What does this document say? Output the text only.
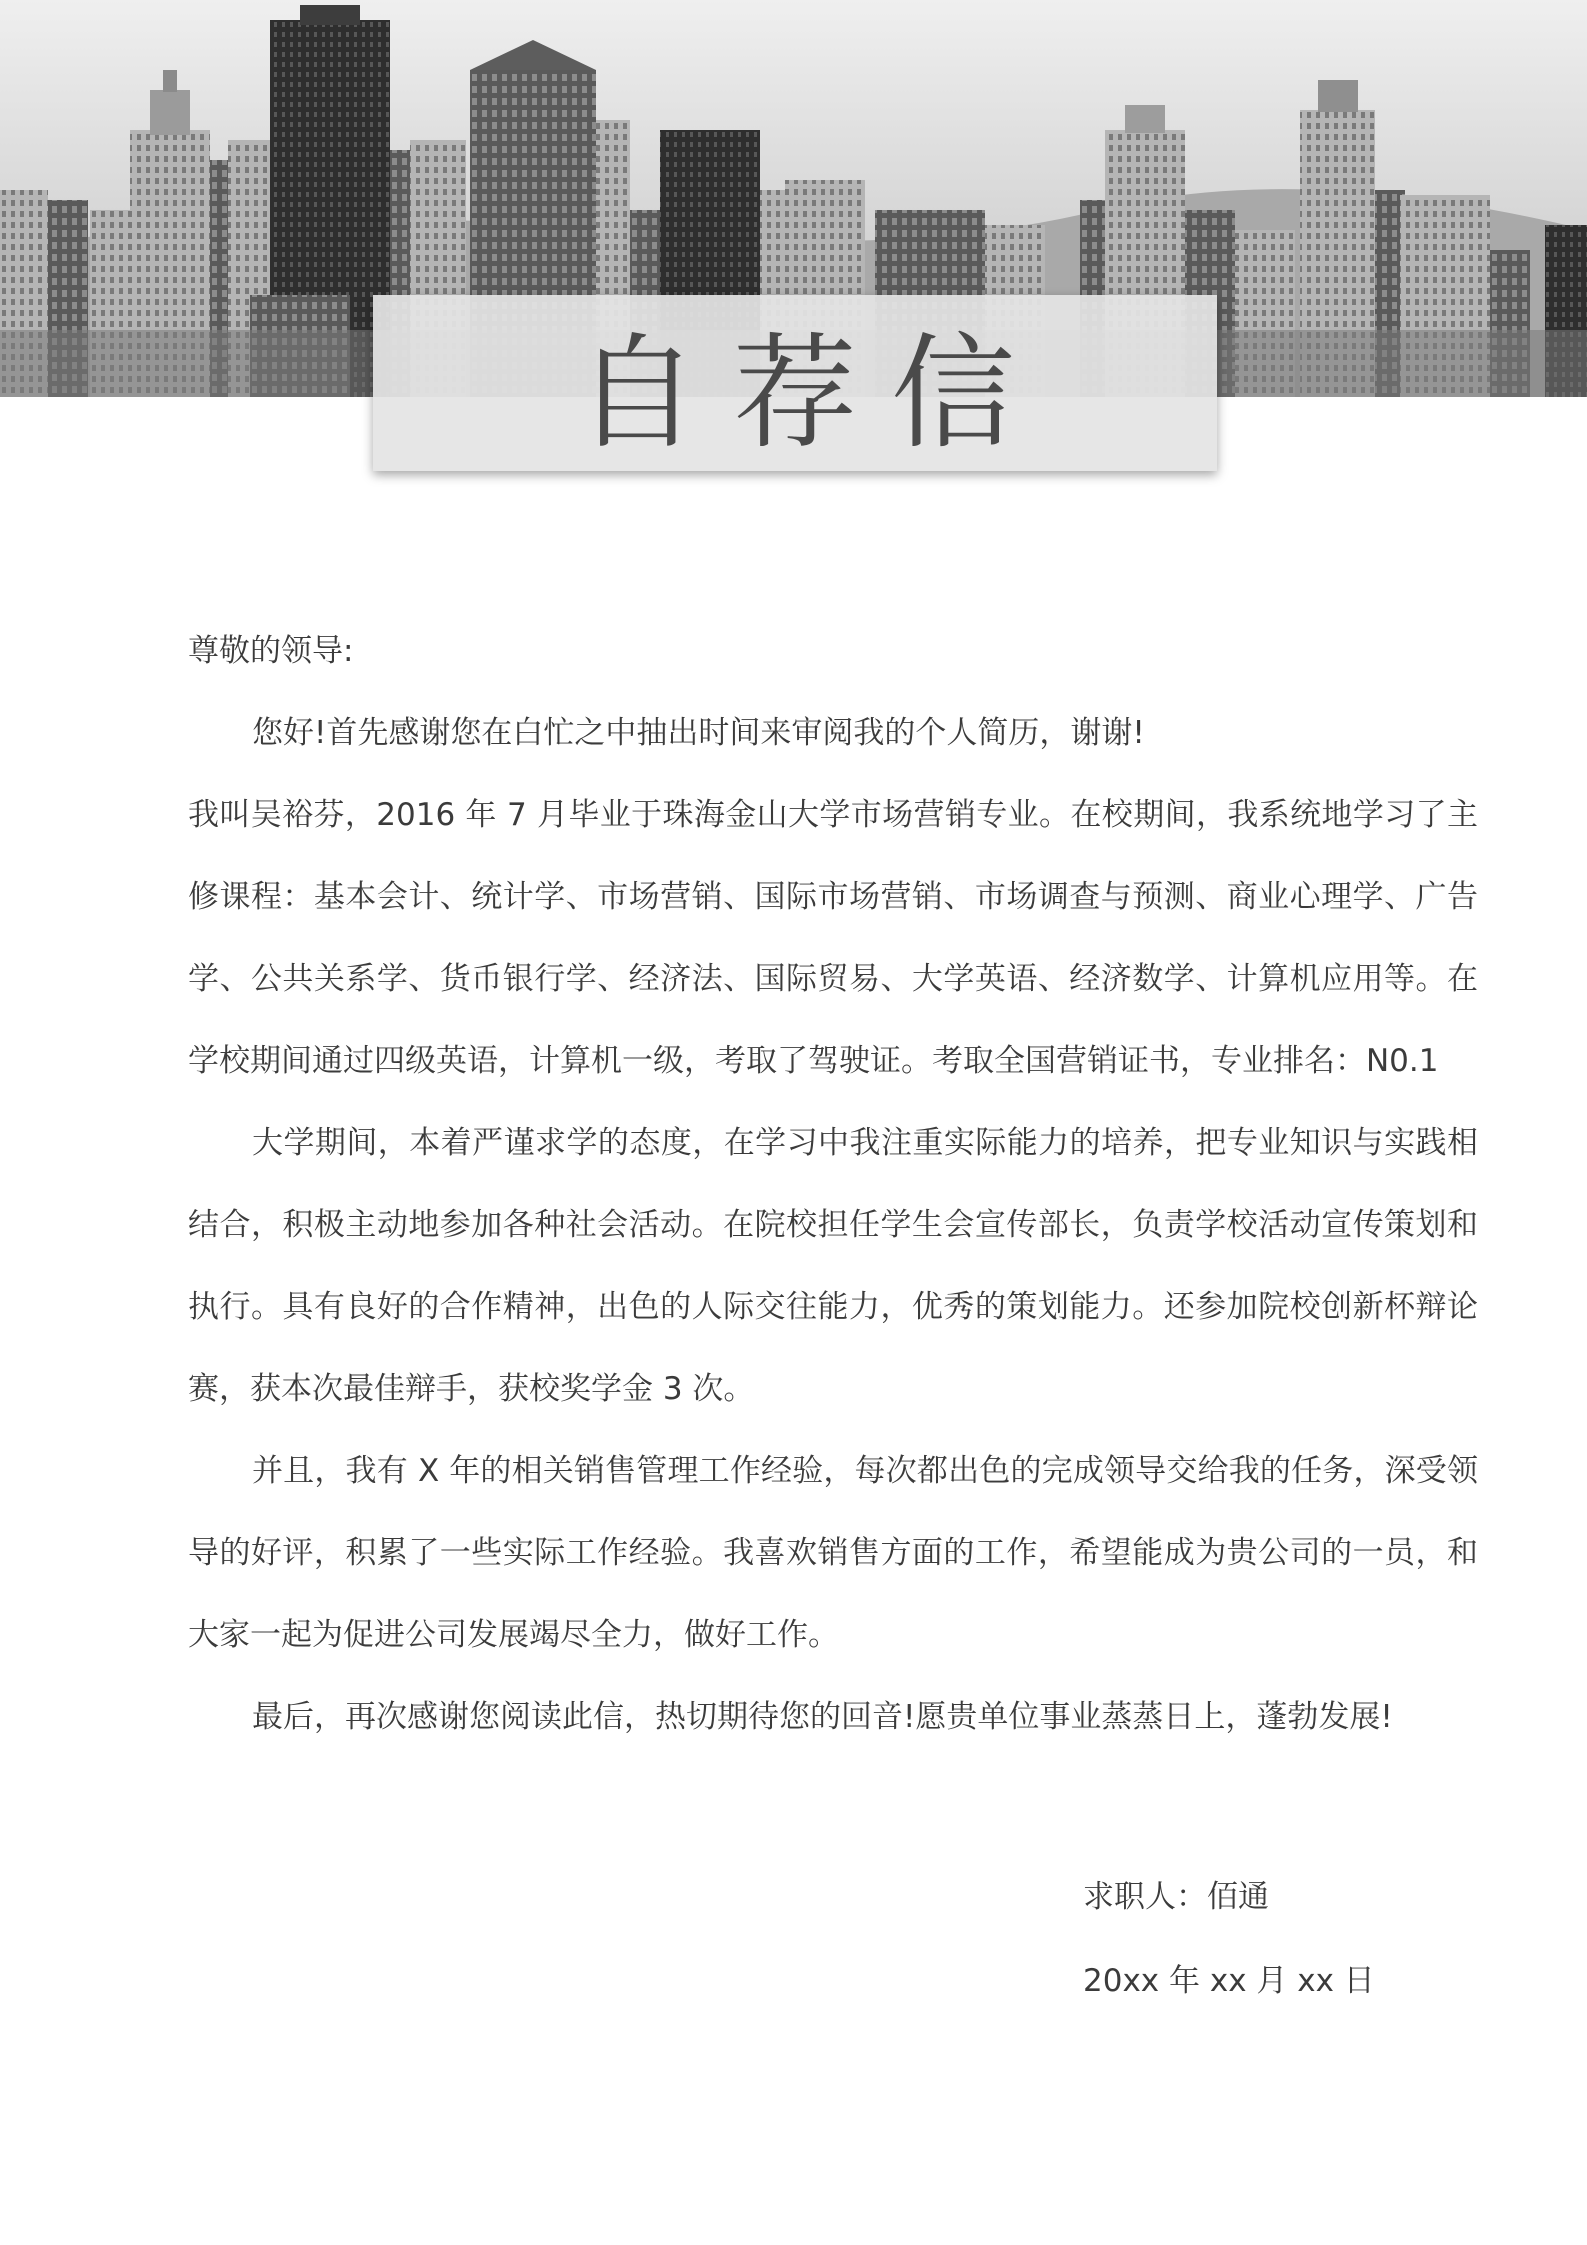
自荐信

尊敬的领导:

您好!首先感谢您在白忙之中抽出时间来审阅我的个人简历，谢谢!

我叫吴裕芬，2016 年 7 月毕业于珠海金山大学市场营销专业。在校期间，我系统地学习了主修课程：基本会计、统计学、市场营销、国际市场营销、市场调查与预测、商业心理学、广告学、公共关系学、货币银行学、经济法、国际贸易、大学英语、经济数学、计算机应用等。在学校期间通过四级英语，计算机一级，考取了驾驶证。考取全国营销证书，专业排名：N0.1

大学期间，本着严谨求学的态度，在学习中我注重实际能力的培养，把专业知识与实践相结合，积极主动地参加各种社会活动。在院校担任学生会宣传部长，负责学校活动宣传策划和执行。具有良好的合作精神，出色的人际交往能力，优秀的策划能力。还参加院校创新杯辩论赛，获本次最佳辩手，获校奖学金 3 次。

并且，我有 X 年的相关销售管理工作经验，每次都出色的完成领导交给我的任务，深受领导的好评，积累了一些实际工作经验。我喜欢销售方面的工作，希望能成为贵公司的一员，和大家一起为促进公司发展竭尽全力，做好工作。

最后，再次感谢您阅读此信，热切期待您的回音!愿贵单位事业蒸蒸日上，蓬勃发展!

求职人：佰通
20xx 年 xx 月 xx 日
